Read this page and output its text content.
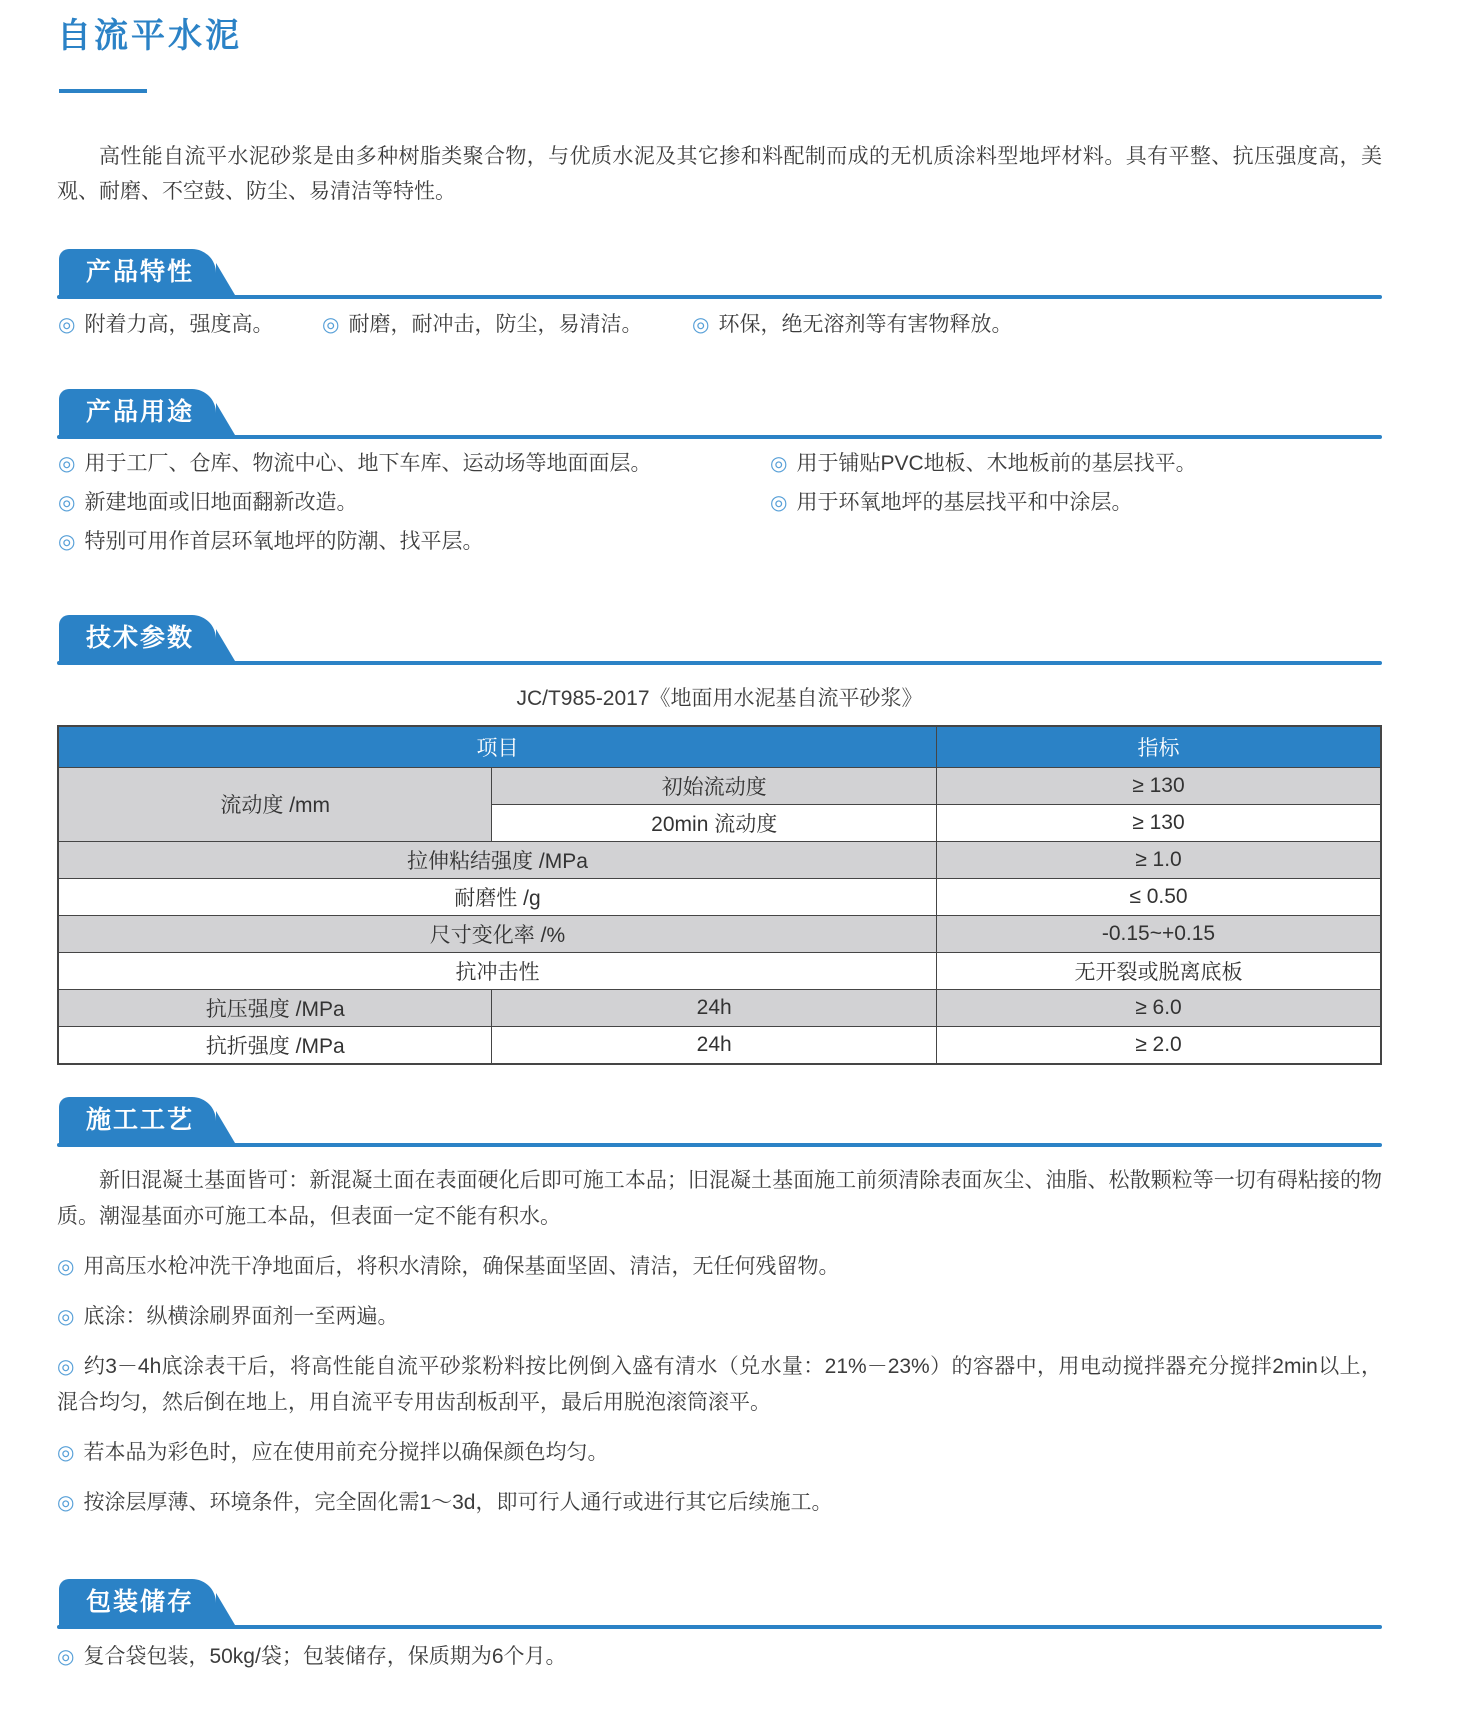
自流平水泥

高性能自流平水泥砂浆是由多种树脂类聚合物，与优质水泥及其它掺和料配制而成的无机质涂料型地坪材料。具有平整、抗压强度高，美观、耐磨、不空鼓、防尘、易清洁等特性。

产品特性
◎ 附着力高，强度高。	◎ 耐磨，耐冲击，防尘，易清洁。	◎ 环保，绝无溶剂等有害物释放。
产品用途
◎ 用于工厂、仓库、物流中心、地下车库、运动场等地面面层。
◎ 新建地面或旧地面翻新改造。
◎ 特别可用作首层环氧地坪的防潮、找平层。
◎ 用于铺贴PVC地板、木地板前的基层找平。
◎ 用于环氧地坪的基层找平和中涂层。
技术参数
JC/T985-2017《地面用水泥基自流平砂浆》
项目		指标
流动度 /mm	初始流动度	≥ 130
	20min 流动度	≥ 130
拉伸粘结强度 /MPa		≥ 1.0
耐磨性 /g		≤ 0.50
尺寸变化率 /%		-0.15~+0.15
抗冲击性		无开裂或脱离底板
抗压强度 /MPa	24h	≥ 6.0
抗折强度 /MPa	24h	≥ 2.0
施工工艺

新旧混凝土基面皆可：新混凝土面在表面硬化后即可施工本品；旧混凝土基面施工前须清除表面灰尘、油脂、松散颗粒等一切有碍粘接的物质。潮湿基面亦可施工本品，但表面一定不能有积水。

◎ 用高压水枪冲洗干净地面后，将积水清除，确保基面坚固、清洁，无任何残留物。

◎ 底涂：纵横涂刷界面剂一至两遍。

◎ 约3－4h底涂表干后，将高性能自流平砂浆粉料按比例倒入盛有清水（兑水量：21%－23%）的容器中，用电动搅拌器充分搅拌2min以上，混合均匀，然后倒在地上，用自流平专用齿刮板刮平，最后用脱泡滚筒滚平。

◎ 若本品为彩色时，应在使用前充分搅拌以确保颜色均匀。

◎ 按涂层厚薄、环境条件，完全固化需1～3d，即可行人通行或进行其它后续施工。

包装储存
◎ 复合袋包装，50kg/袋；包装储存，保质期为6个月。
